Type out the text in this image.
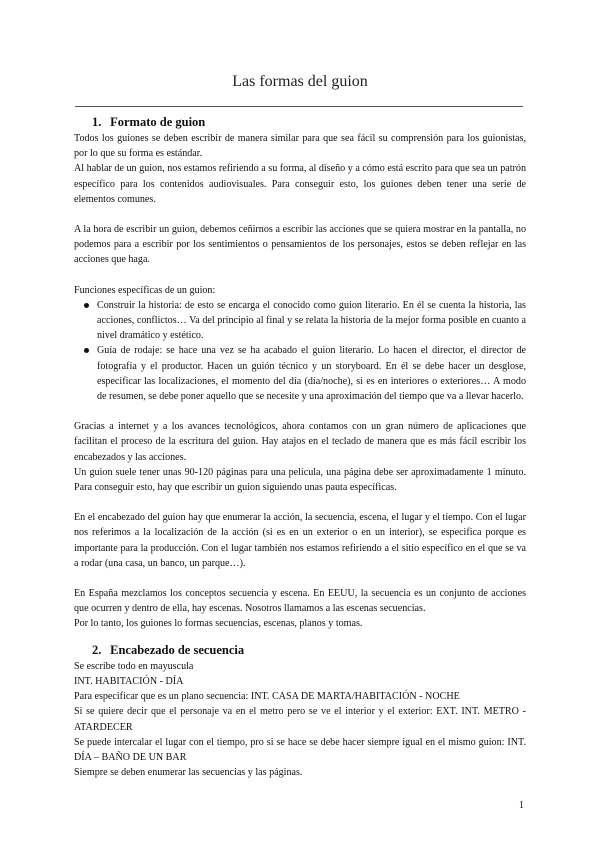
Las formas del guion
1. Formato de guion

Todos los guiones se deben escribir de manera similar para que sea fácil su comprensión para los guionistas, por lo que su forma es estándar.

Al hablar de un guion, nos estamos refiriendo a su forma, al diseño y a cómo está escrito para que sea un patrón específico para los contenidos audiovisuales. Para conseguir esto, los guiones deben tener una serie de elementos comunes.

A la hora de escribir un guion, debemos ceñirnos a escribir las acciones que se quiera mostrar en la pantalla, no podemos para a escribir por los sentimientos o pensamientos de los personajes, estos se deben reflejar en las acciones que haga.

Funciones específicas de un guion:

Construir la historia: de esto se encarga el conocido como guion literario. En él se cuenta la historia, las acciones, conflictos… Va del principio al final y se relata la historia de la mejor forma posible en cuanto a nivel dramático y estético.
Guía de rodaje: se hace una vez se ha acabado el guion literario. Lo hacen el director, el director de fotografía y el productor. Hacen un guión técnico y un storyboard. En él se debe hacer un desglose, especificar las localizaciones, el momento del día (día/noche), si es en interiores o exteriores… A modo de resumen, se debe poner aquello que se necesite y una aproximación del tiempo que va a llevar hacerlo.

Gracias a internet y a los avances tecnológicos, ahora contamos con un gran número de aplicaciones que facilitan el proceso de la escritura del guion. Hay atajos en el teclado de manera que es más fácil escribir los encabezados y las acciones.

Un guion suele tener unas 90-120 páginas para una película, una página debe ser aproximadamente 1 minuto. Para conseguir esto, hay que escribir un guion siguiendo unas pauta específicas.

En el encabezado del guion hay que enumerar la acción, la secuencia, escena, el lugar y el tiempo. Con el lugar nos referimos a la localización de la acción (si es en un exterior o en un interior), se especifica porque es importante para la producción. Con el lugar también nos estamos refiriendo a el sitio específico en el que se va a rodar (una casa, un banco, un parque…).

En España mezclamos los conceptos secuencia y escena. En EEUU, la secuencia es un conjunto de acciones que ocurren y dentro de ella, hay escenas. Nosotros llamamos a las escenas secuencias.

Por lo tanto, los guiones lo formas secuencias, escenas, planos y tomas.

2. Encabezado de secuencia

Se escribe todo en mayuscula

INT. HABITACIÓN - DÍA

Para especificar que es un plano secuencia: INT. CASA DE MARTA/HABITACIÓN - NOCHE

Si se quiere decir que el personaje va en el metro pero se ve el interior y el exterior: EXT. INT. METRO - ATARDECER

Se puede intercalar el lugar con el tiempo, pro si se hace se debe hacer siempre igual en el mismo guion: INT. DÍA – BAÑO DE UN BAR

Siempre se deben enumerar las secuencias y las páginas.

1
